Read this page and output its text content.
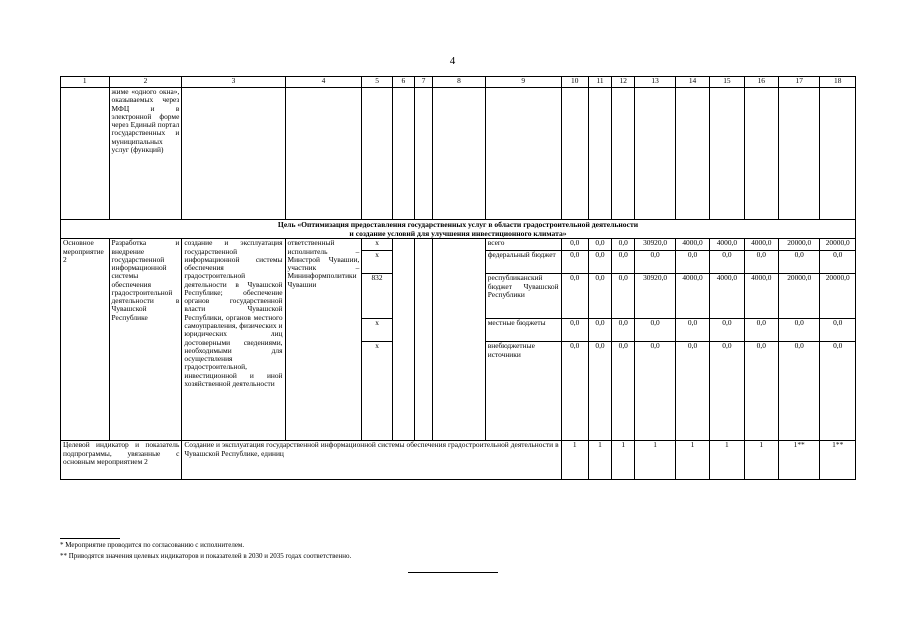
4
1	2	3	4	5	6	7	8	9	10	11	12	13	14	15	16	17	18
	жиме «одного окна», оказываемых через МФЦ и в электронной форме через Единый портал государственных и муниципальных услуг (функций)																
Цель «Оптимизация предоставления государственных услуг в области градостроительной деятельности
и создание условий для улучшения инвестиционного климата»																	
Основное мероприятие 2	Разработка и внедрение государственной информационной системы обеспечения градостроительной деятельности в Чувашской Республике	создание и эксплуатация государственной информационной системы обеспечения градостроительной деятельности в Чувашской Республике; обеспечение органов государственной власти Чувашской Республики, органов местного самоуправления, физических и юридических лиц достоверными сведениями, необходимыми для осуществления градостроительной, инвестиционной и иной хозяйственной деятельности	ответственный исполнитель – Минстрой Чувашии, участник – Мининформполитики Чувашии	x				всего	0,0	0,0	0,0	30920,0	4000,0	4000,0	4000,0	20000,0	20000,0
				x				федеральный бюджет	0,0	0,0	0,0	0,0	0,0	0,0	0,0	0,0	0,0
				832				республиканский бюджет Чувашской Республики	0,0	0,0	0,0	30920,0	4000,0	4000,0	4000,0	20000,0	20000,0
				x				местные бюджеты	0,0	0,0	0,0	0,0	0,0	0,0	0,0	0,0	0,0
				x				внебюджетные источники	0,0	0,0	0,0	0,0	0,0	0,0	0,0	0,0	0,0
Целевой индикатор и показатель подпрограммы, увязанные с основным мероприятием 2		Создание и эксплуатация государственной информационной системы обеспечения градостроительной деятельности в Чувашской Республике, единиц							1	1	1	1	1	1	1	1**	1**
* Мероприятие проводится по согласованию с исполнителем.
** Приводятся значения целевых индикаторов и показателей в 2030 и 2035 годах соответственно.
